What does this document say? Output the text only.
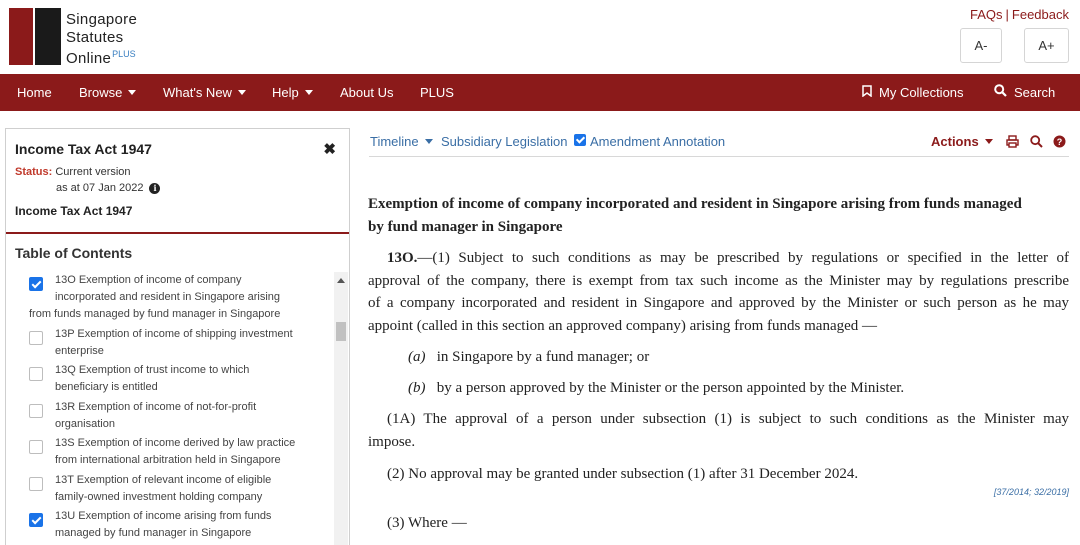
Singapore
Statutes
Online$^{PLUS}$
FAQs | Feedback
A-	A+
Home Browse	What's New	Help	About Us PLUS	My Collections	Search
Income Tax Act 1947	✖
Status: Current version
as at 07 Jan 2022	i
Income Tax Act 1947
Table of Contents
13O Exemption of income of company
incorporated and resident in Singapore arising
from funds managed by fund manager in Singapore
13P Exemption of income of shipping investment
enterprise
13Q Exemption of trust income to which
beneficiary is entitled
13R Exemption of income of not-for-profit
organisation
13S Exemption of income derived by law practice
from international arbitration held in Singapore
13T Exemption of relevant income of eligible
family-owned investment holding company
13U Exemption of income arising from funds
managed by fund manager in Singapore
Timeline	Subsidiary Legislation Amendment Annotation	Actions	?
Exemption of income of company incorporated and resident in Singapore arising from funds managed
by fund manager in Singapore
13O.—(1) Subject to such conditions as may be prescribed by regulations or specified in the letter of
approval of the company, there is exempt from tax such income as the Minister may by regulations prescribe
of a company incorporated and resident in Singapore and approved by the Minister or such person as he may
appoint (called in this section an approved company) arising from funds managed —
(a) in Singapore by a fund manager; or
(b) by a person approved by the Minister or the person appointed by the Minister.
(1A) The approval of a person under subsection (1) is subject to such conditions as the Minister may
impose.
(2) No approval may be granted under subsection (1) after 31 December 2024.
[37/2014; 32/2019]
(3) Where —
